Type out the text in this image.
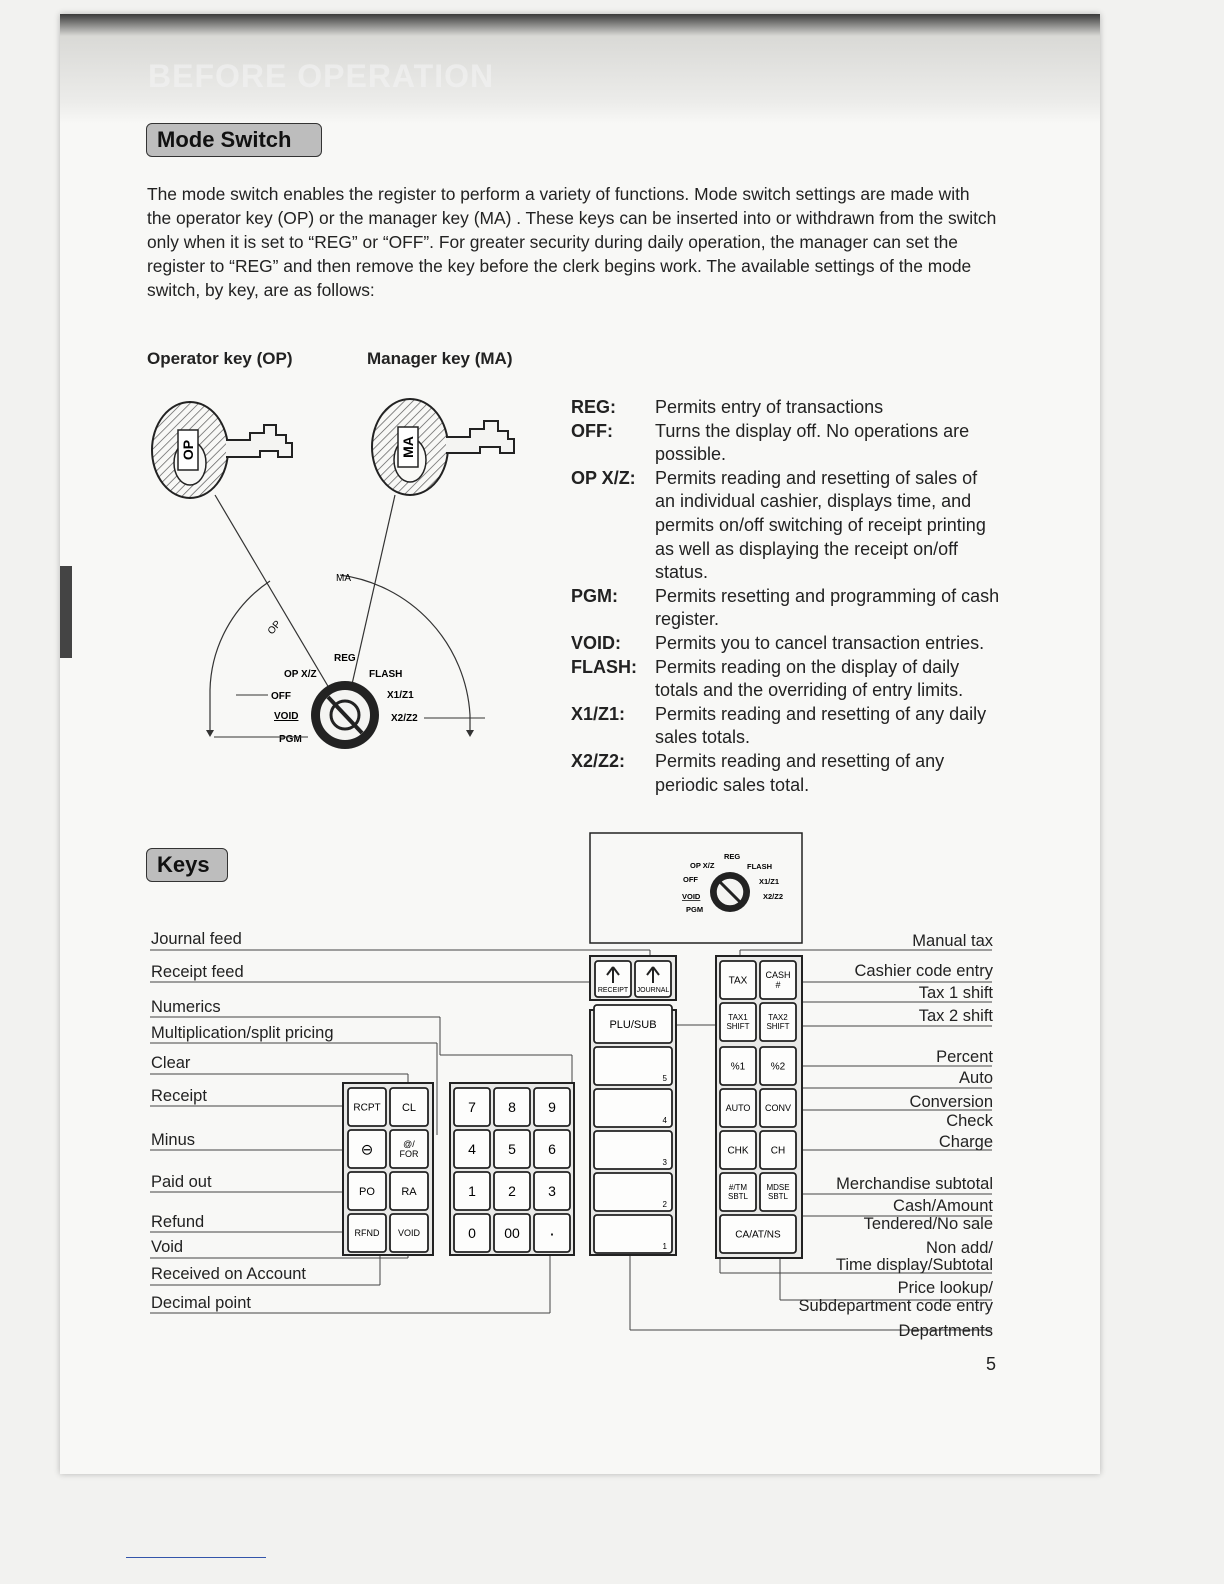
BEFORE OPERATION
Mode Switch
The mode switch enables the register to perform a variety of functions. Mode switch settings are made with the operator key (OP) or the manager key (MA) . These keys can be inserted into or withdrawn from the switch only when it is set to “REG” or “OFF”. For greater security during daily operation, the manager can set the register to “REG” and then remove the key before the clerk begins work. The available settings of the mode switch, by key, are as follows:
Operator key (OP)	Manager key (MA)
OP	MA
MA
OP
REG
OP X/Z	FLASH
OFF	X1/Z1
VOID	X2/Z2
PGM
REG:	Permits entry of transactions
OFF:	Turns the display off. No operations are possible.
OP X/Z:	Permits reading and resetting of sales of an individual cashier, displays time, and permits on/off switching of receipt printing as well as displaying the receipt on/off status.
PGM:	Permits resetting and programming of cash register.
VOID:	Permits you to cancel transaction entries.
FLASH:	Permits reading on the display of daily totals and the overriding of entry limits.
X1/Z1:	Permits reading and resetting of any daily sales totals.
X2/Z2:	Permits reading and resetting of any periodic sales total.
Keys	REG
OP X/Z	FLASH
OFF	X1/Z1
VOID	X2/Z2
PGM
RECEIPT JOURNAL
RCPT CL
⊖	@/
FOR
PO RA
RFND VOID
7 8 9
4 5 6
1 2 3
0 00 ·
PLU/SUB
5
4
3
2
1
TAX
CASH
#
TAX1
SHIFT
TAX2
SHIFT
%1	%2
AUTO CONV
CHK CH
#/TM
SBTL
MDSE
SBTL
CA/AT/NS
Journal feed
Receipt feed
Numerics
Multiplication/split pricing
Clear
Receipt
Minus
Paid out
Refund
Void
Received on Account
Decimal point
Manual tax
Cashier code entry
Tax 1 shift
Tax 2 shift
Percent
Auto
Conversion
Check
Charge
Merchandise subtotal
Cash/Amount
Tendered/No sale
Non add/
Time display/Subtotal
Price lookup/
Subdepartment code entry
Departments
5
